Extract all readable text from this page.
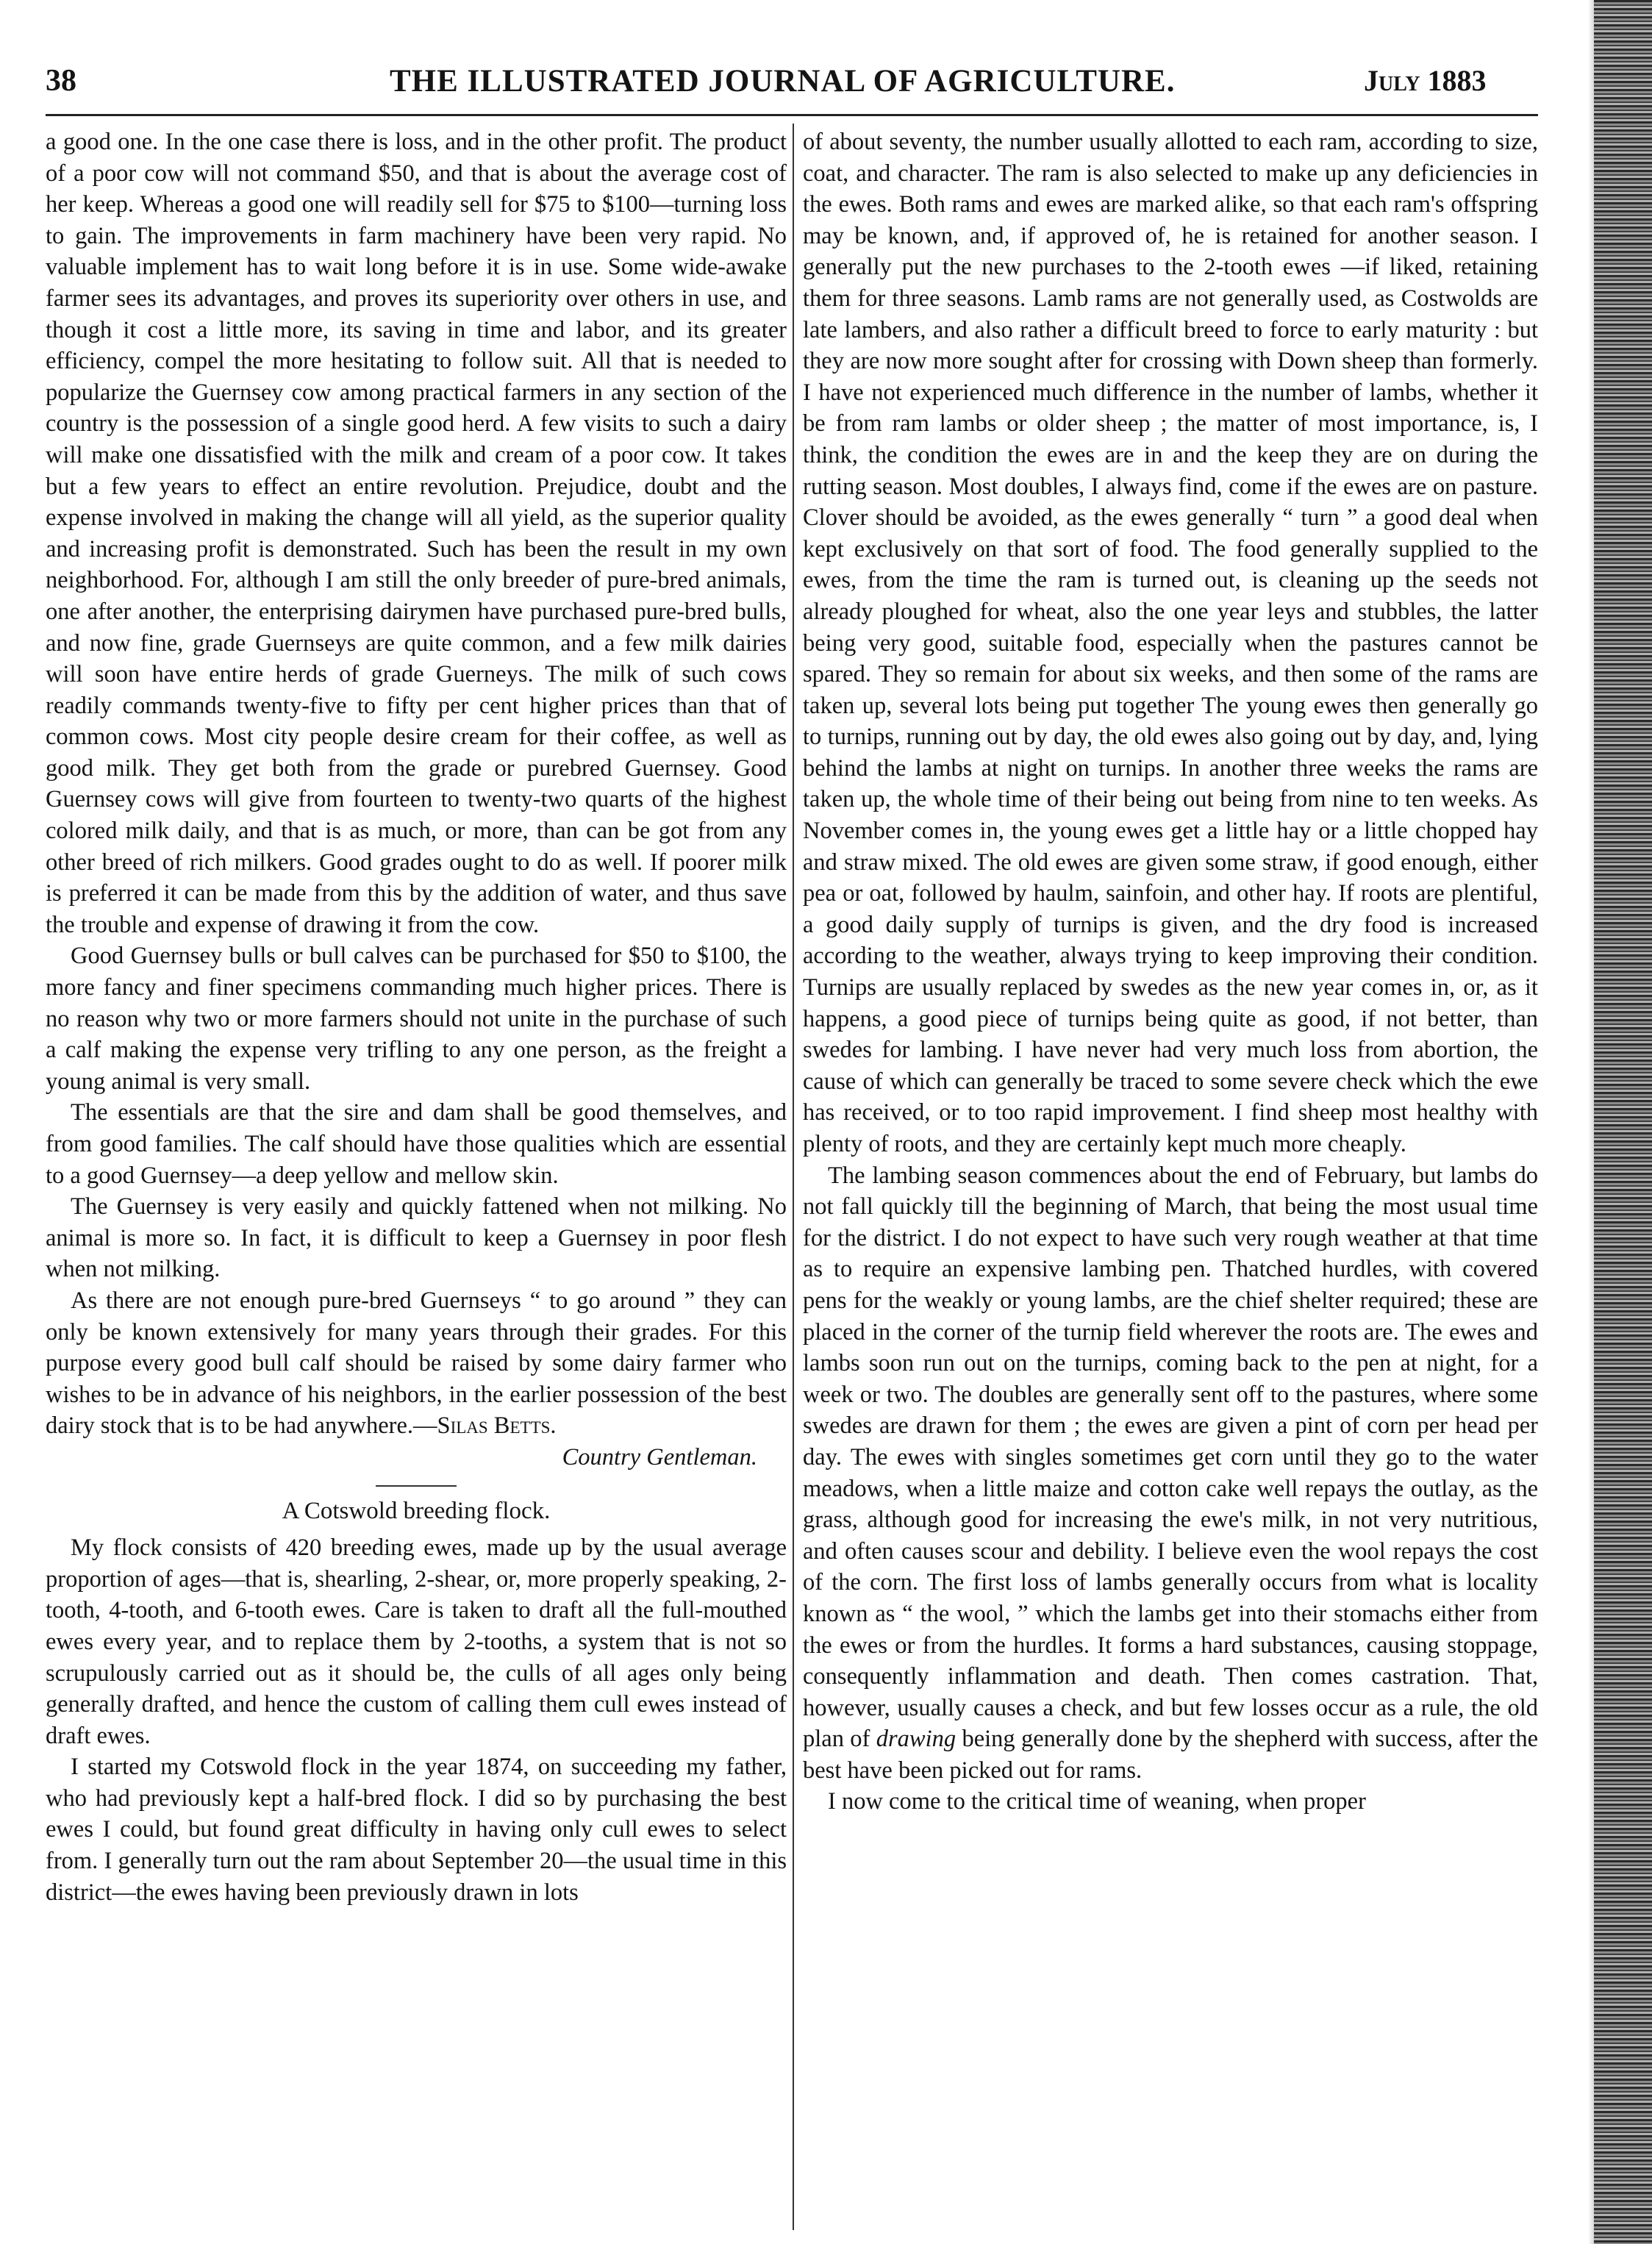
38	THE ILLUSTRATED JOURNAL OF AGRICULTURE.	July 1883

a good one. In the one case there is loss, and in the other profit. The product of a poor cow will not command $50, and that is about the average cost of her keep. Whereas a good one will readily sell for $75 to $100—turning loss to gain. The improvements in farm machinery have been very rapid. No valuable implement has to wait long before it is in use. Some wide-awake farmer sees its advantages, and proves its superiority over others in use, and though it cost a little more, its saving in time and labor, and its greater efficiency, compel the more hesitating to follow suit. All that is needed to popularize the Guernsey cow among practical farmers in any section of the country is the possession of a single good herd. A few visits to such a dairy will make one dissatisfied with the milk and cream of a poor cow. It takes but a few years to effect an entire revolution. Prejudice, doubt and the expense involved in making the change will all yield, as the superior quality and increasing profit is demonstrated. Such has been the result in my own neighborhood. For, although I am still the only breeder of pure-bred animals, one after another, the enterprising dairymen have purchased pure-bred bulls, and now fine, grade Guernseys are quite common, and a few milk dairies will soon have entire herds of grade Guerneys. The milk of such cows readily commands twenty-five to fifty per cent higher prices than that of common cows. Most city people desire cream for their coffee, as well as good milk. They get both from the grade or purebred Guernsey. Good Guernsey cows will give from fourteen to twenty-two quarts of the highest colored milk daily, and that is as much, or more, than can be got from any other breed of rich milkers. Good grades ought to do as well. If poorer milk is preferred it can be made from this by the addition of water, and thus save the trouble and expense of drawing it from the cow.

Good Guernsey bulls or bull calves can be purchased for $50 to $100, the more fancy and finer specimens commanding much higher prices. There is no reason why two or more farmers should not unite in the purchase of such a calf making the expense very trifling to any one person, as the freight a young animal is very small.

The essentials are that the sire and dam shall be good themselves, and from good families. The calf should have those qualities which are essential to a good Guernsey—a deep yellow and mellow skin.

The Guernsey is very easily and quickly fattened when not milking. No animal is more so. In fact, it is difficult to keep a Guernsey in poor flesh when not milking.

As there are not enough pure-bred Guernseys “ to go around ” they can only be known extensively for many years through their grades. For this purpose every good bull calf should be raised by some dairy farmer who wishes to be in advance of his neighbors, in the earlier possession of the best dairy stock that is to be had anywhere.—Silas Betts.

Country Gentleman.

A Cotswold breeding flock.

My flock consists of 420 breeding ewes, made up by the usual average proportion of ages—that is, shearling, 2-shear, or, more properly speaking, 2-tooth, 4-tooth, and 6-tooth ewes. Care is taken to draft all the full-mouthed ewes every year, and to replace them by 2-tooths, a system that is not so scrupulously carried out as it should be, the culls of all ages only being generally drafted, and hence the custom of calling them cull ewes instead of draft ewes.

I started my Cotswold flock in the year 1874, on succeeding my father, who had previously kept a half-bred flock. I did so by purchasing the best ewes I could, but found great difficulty in having only cull ewes to select from. I generally turn out the ram about September 20—the usual time in this district—the ewes having been previously drawn in lots

of about seventy, the number usually allotted to each ram, according to size, coat, and character. The ram is also selected to make up any deficiencies in the ewes. Both rams and ewes are marked alike, so that each ram's offspring may be known, and, if approved of, he is retained for another season. I generally put the new purchases to the 2-tooth ewes —if liked, retaining them for three seasons. Lamb rams are not generally used, as Costwolds are late lambers, and also rather a difficult breed to force to early maturity : but they are now more sought after for crossing with Down sheep than formerly. I have not experienced much difference in the number of lambs, whether it be from ram lambs or older sheep ; the matter of most importance, is, I think, the condition the ewes are in and the keep they are on during the rutting season. Most doubles, I always find, come if the ewes are on pasture. Clover should be avoided, as the ewes generally “ turn ” a good deal when kept exclusively on that sort of food. The food generally supplied to the ewes, from the time the ram is turned out, is cleaning up the seeds not already ploughed for wheat, also the one year leys and stubbles, the latter being very good, suitable food, especially when the pastures cannot be spared. They so remain for about six weeks, and then some of the rams are taken up, several lots being put together The young ewes then generally go to turnips, running out by day, the old ewes also going out by day, and, lying behind the lambs at night on turnips. In another three weeks the rams are taken up, the whole time of their being out being from nine to ten weeks. As November comes in, the young ewes get a little hay or a little chopped hay and straw mixed. The old ewes are given some straw, if good enough, either pea or oat, followed by haulm, sainfoin, and other hay. If roots are plentiful, a good daily supply of turnips is given, and the dry food is increased according to the weather, always trying to keep improving their condition. Turnips are usually replaced by swedes as the new year comes in, or, as it happens, a good piece of turnips being quite as good, if not better, than swedes for lambing. I have never had very much loss from abortion, the cause of which can generally be traced to some severe check which the ewe has received, or to too rapid improvement. I find sheep most healthy with plenty of roots, and they are certainly kept much more cheaply.

The lambing season commences about the end of February, but lambs do not fall quickly till the beginning of March, that being the most usual time for the district. I do not expect to have such very rough weather at that time as to require an expensive lambing pen. Thatched hurdles, with covered pens for the weakly or young lambs, are the chief shelter required; these are placed in the corner of the turnip field wherever the roots are. The ewes and lambs soon run out on the turnips, coming back to the pen at night, for a week or two. The doubles are generally sent off to the pastures, where some swedes are drawn for them ; the ewes are given a pint of corn per head per day. The ewes with singles sometimes get corn until they go to the water meadows, when a little maize and cotton cake well repays the outlay, as the grass, although good for increasing the ewe's milk, in not very nutritious, and often causes scour and debility. I believe even the wool repays the cost of the corn. The first loss of lambs generally occurs from what is locality known as “ the wool, ” which the lambs get into their stomachs either from the ewes or from the hurdles. It forms a hard substances, causing stoppage, consequently inflammation and death. Then comes castration. That, however, usually causes a check, and but few losses occur as a rule, the old plan of drawing being generally done by the shepherd with success, after the best have been picked out for rams.

I now come to the critical time of weaning, when proper
